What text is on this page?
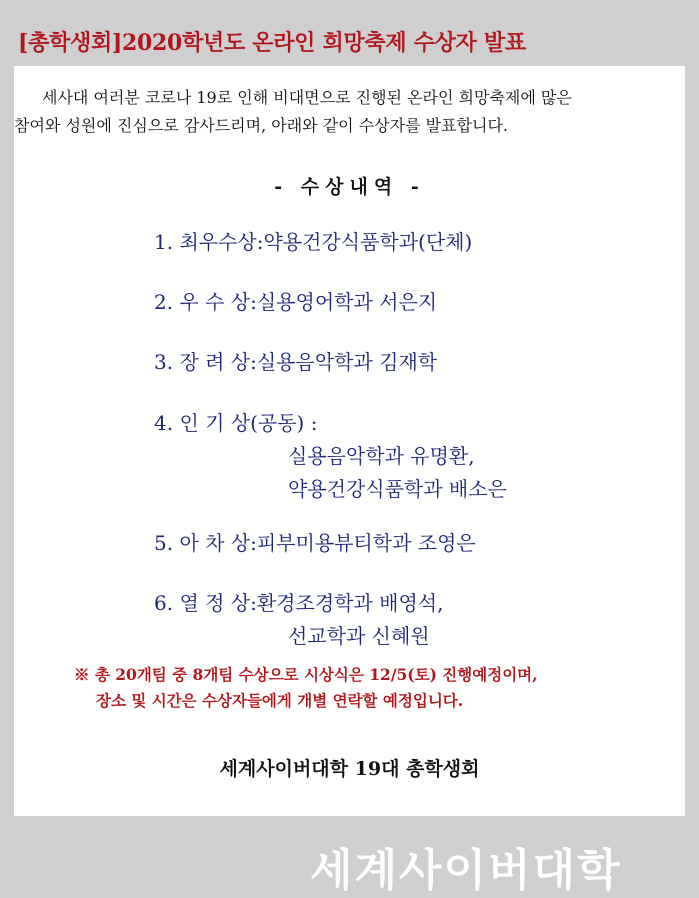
[총학생회]2020학년도 온라인 희망축제 수상자 발표
세사대 여러분 코로나 19로 인해 비대면으로 진행된 온라인 희망축제에 많은
참여와 성원에 진심으로 감사드리며, 아래와 같이 수상자를 발표합니다.
- 수상내역 -
1. 최우수상:약용건강식품학과(단체)
2. 우 수 상:실용영어학과 서은지
3. 장 려 상:실용음악학과 김재학
4. 인 기 상(공동) :
실용음악학과 유명환,
약용건강식품학과 배소은
5. 아 차 상:피부미용뷰티학과 조영은
6. 열 정 상:환경조경학과 배영석,
선교학과 신혜원
※ 총 20개팀 중 8개팀 수상으로 시상식은 12/5(토) 진행예정이며,
장소 및 시간은 수상자들에게 개별 연락할 예정입니다.
세계사이버대학 19대 총학생회
세계사이버대학
